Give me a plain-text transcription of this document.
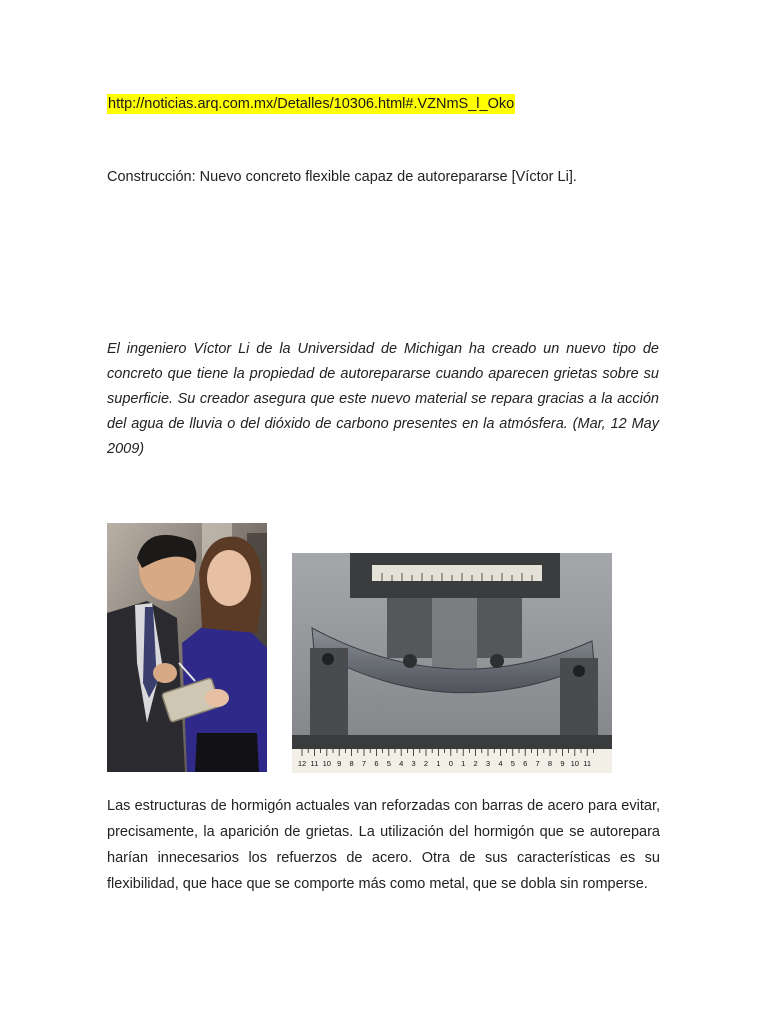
http://noticias.arq.com.mx/Detalles/10306.html#.VZNmS_l_Oko
Construcción: Nuevo concreto flexible capaz de autorepararse [Víctor Li].

El ingeniero Víctor Li de la Universidad de Michigan ha creado un nuevo tipo de concreto que tiene la propiedad de autorepararse cuando aparecen grietas sobre su superficie. Su creador asegura que este nuevo material se repara gracias a la acción del agua de lluvia o del dióxido de carbono presentes en la atmósfera. (Mar, 12 May 2009)

12 11 10 9 8 7 6 5 4 3 2 1 0 1 2 3 4 5 6 7 8 9 10 11

Las estructuras de hormigón actuales van reforzadas con barras de acero para evitar, precisamente, la aparición de grietas. La utilización del hormigón que se autorepara harían innecesarios los refuerzos de acero. Otra de sus características es su flexibilidad, que hace que se comporte más como metal, que se dobla sin romperse.
